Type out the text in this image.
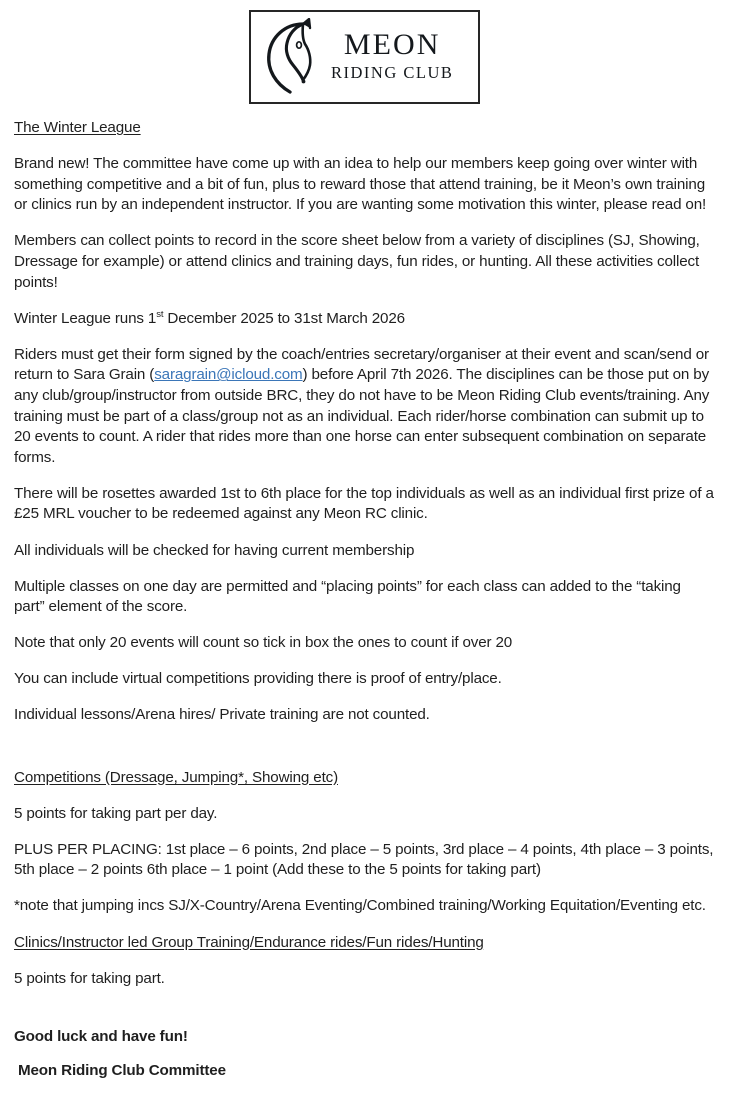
MEON
RIDING CLUB

The Winter League

Brand new! The committee have come up with an idea to help our members keep going over winter with something competitive and a bit of fun, plus to reward those that attend training, be it Meon’s own training or clinics run by an independent instructor. If you are wanting some motivation this winter, please read on!

Members can collect points to record in the score sheet below from a variety of disciplines (SJ, Showing, Dressage for example) or attend clinics and training days, fun rides, or hunting. All these activities collect points!

Winter League runs 1st December 2025 to 31st March 2026

Riders must get their form signed by the coach/entries secretary/organiser at their event and scan/send or return to Sara Grain (saragrain@icloud.com) before April 7th 2026. The disciplines can be those put on by any club/group/instructor from outside BRC, they do not have to be Meon Riding Club events/training. Any training must be part of a class/group not as an individual. Each rider/horse combination can submit up to 20 events to count. A rider that rides more than one horse can enter subsequent combination on separate forms.

There will be rosettes awarded 1st to 6th place for the top individuals as well as an individual first prize of a £25 MRL voucher to be redeemed against any Meon RC clinic.

All individuals will be checked for having current membership

Multiple classes on one day are permitted and “placing points” for each class can added to the “taking part” element of the score.

Note that only 20 events will count so tick in box the ones to count if over 20

You can include virtual competitions providing there is proof of entry/place.

Individual lessons/Arena hires/ Private training are not counted.

Competitions (Dressage, Jumping*, Showing etc)

5 points for taking part per day.

PLUS PER PLACING: 1st place – 6 points, 2nd place – 5 points, 3rd place – 4 points, 4th place – 3 points, 5th place – 2 points 6th place – 1 point (Add these to the 5 points for taking part)

*note that jumping incs SJ/X-Country/Arena Eventing/Combined training/Working Equitation/Eventing etc.

Clinics/Instructor led Group Training/Endurance rides/Fun rides/Hunting

5 points for taking part.

Good luck and have fun!

Meon Riding Club Committee
